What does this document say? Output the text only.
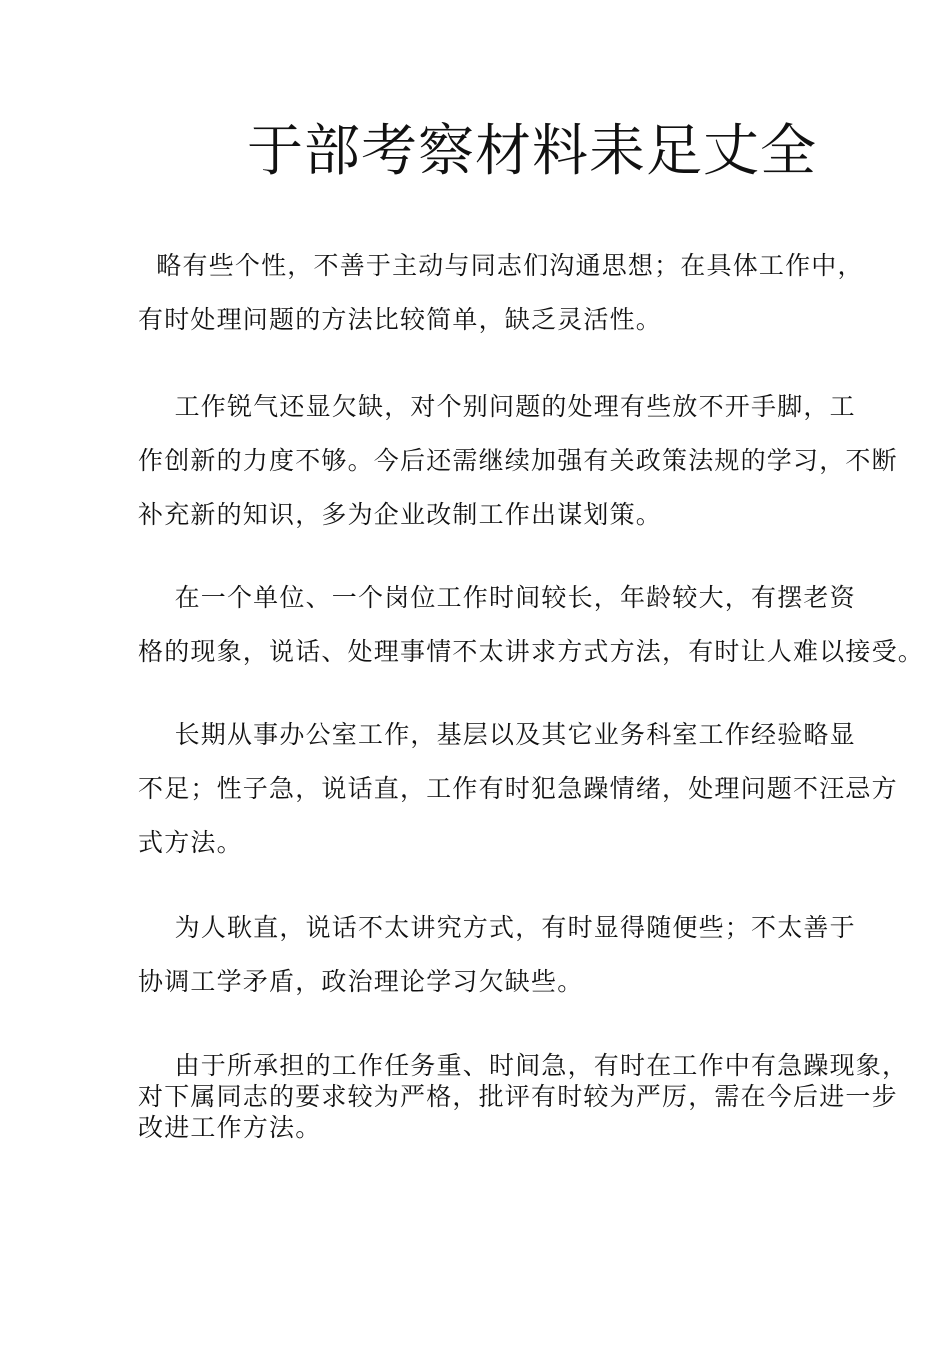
于部考察材料耒足丈全

略有些个性，不善于主动与同志们沟通思想；在具体工作中，
有时处理问题的方法比较简单，缺乏灵活性。

工作锐气还显欠缺，对个别问题的处理有些放不开手脚，工
作创新的力度不够。今后还需继续加强有关政策法规的学习，不断
补充新的知识，多为企业改制工作出谋划策。

在一个单位、一个岗位工作时间较长，年龄较大，有摆老资
格的现象，说话、处理事情不太讲求方式方法，有时让人难以接受。

长期从事办公室工作，基层以及其它业务科室工作经验略显
不足；性子急，说话直，工作有时犯急躁情绪，处理问题不汪忌方
式方法。

为人耿直，说话不太讲究方式，有时显得随便些；不太善于
协调工学矛盾，政治理论学习欠缺些。

由于所承担的工作任务重、时间急，有时在工作中有急躁现象，
对下属同志的要求较为严格，批评有时较为严厉，需在今后进一步
改进工作方法。
